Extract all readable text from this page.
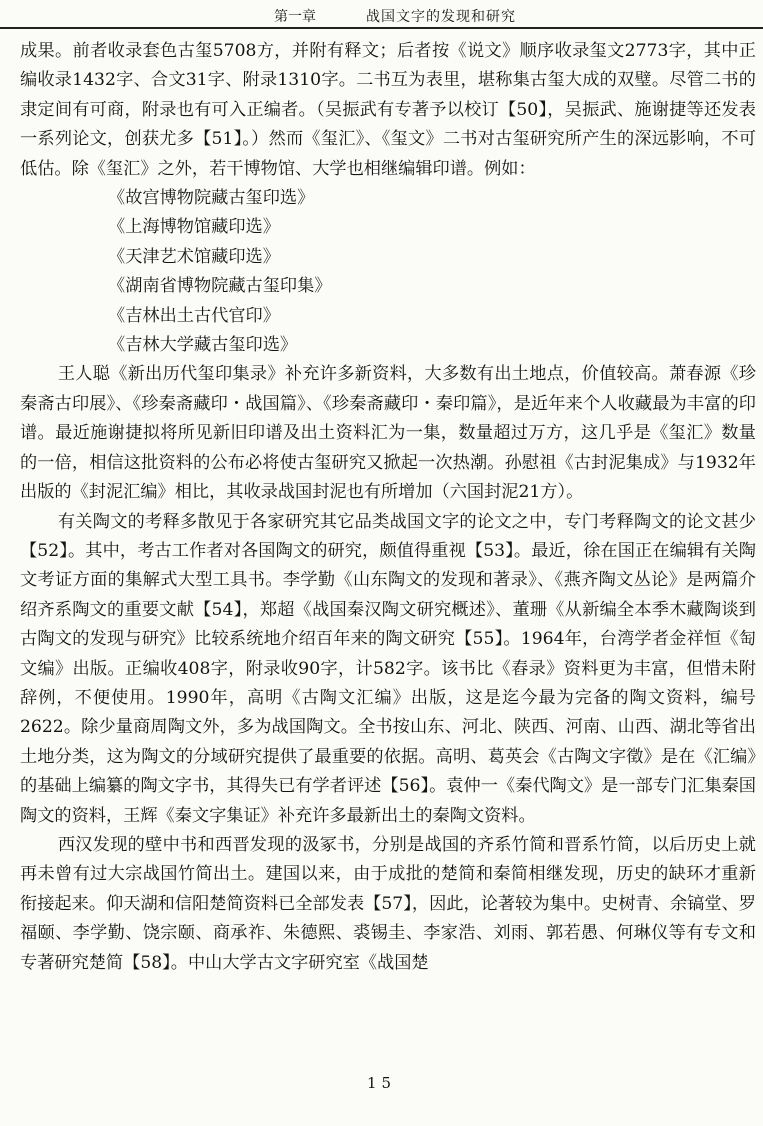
第一章	战国文字的发现和研究

成果。前者收录套色古玺5708方，并附有释文；后者按《说文》顺序收录玺文2773字，其中正编收录1432字、合文31字、附录1310字。二书互为表里，堪称集古玺大成的双璧。尽管二书的隶定间有可商，附录也有可入正编者。（吴振武有专著予以校订【50】，吴振武、施谢捷等还发表一系列论文，创获尤多【51】。）然而《玺汇》、《玺文》二书对古玺研究所产生的深远影响，不可低估。除《玺汇》之外，若干博物馆、大学也相继编辑印谱。例如：

《故宫博物院藏古玺印选》
《上海博物馆藏印选》
《天津艺术馆藏印选》
《湖南省博物院藏古玺印集》
《吉林出土古代官印》
《吉林大学藏古玺印选》

王人聪《新出历代玺印集录》补充许多新资料，大多数有出土地点，价值较高。萧春源《珍秦斋古印展》、《珍秦斋藏印・战国篇》、《珍秦斋藏印・秦印篇》，是近年来个人收藏最为丰富的印谱。最近施谢捷拟将所见新旧印谱及出土资料汇为一集，数量超过万方，这几乎是《玺汇》数量的一倍，相信这批资料的公布必将使古玺研究又掀起一次热潮。孙慰祖《古封泥集成》与1932年出版的《封泥汇编》相比，其收录战国封泥也有所增加（六国封泥21方）。

有关陶文的考释多散见于各家研究其它品类战国文字的论文之中，专门考释陶文的论文甚少【52】。其中，考古工作者对各国陶文的研究，颇值得重视【53】。最近，徐在国正在编辑有关陶文考证方面的集解式大型工具书。李学勤《山东陶文的发现和著录》、《燕齐陶文丛论》是两篇介绍齐系陶文的重要文献【54】，郑超《战国秦汉陶文研究概述》、董珊《从新编全本季木藏陶谈到古陶文的发现与研究》比较系统地介绍百年来的陶文研究【55】。1964年，台湾学者金祥恒《匋文编》出版。正编收408字，附录收90字，计582字。该书比《舂录》资料更为丰富，但惜未附辞例，不便使用。1990年，高明《古陶文汇编》出版，这是迄今最为完备的陶文资料，编号2622。除少量商周陶文外，多为战国陶文。全书按山东、河北、陕西、河南、山西、湖北等省出土地分类，这为陶文的分域研究提供了最重要的依据。高明、葛英会《古陶文字徵》是在《汇编》的基础上编纂的陶文字书，其得失已有学者评述【56】。袁仲一《秦代陶文》是一部专门汇集秦国陶文的资料，王辉《秦文字集证》补充许多最新出土的秦陶文资料。

西汉发现的壁中书和西晋发现的汲冢书，分别是战国的齐系竹简和晋系竹简，以后历史上就再未曾有过大宗战国竹简出土。建国以来，由于成批的楚简和秦简相继发现，历史的缺环才重新衔接起来。仰天湖和信阳楚简资料已全部发表【57】，因此，论著较为集中。史树青、余镐堂、罗福颐、李学勤、饶宗颐、商承祚、朱德熙、裘锡圭、李家浩、刘雨、郭若愚、何琳仪等有专文和专著研究楚简【58】。中山大学古文字研究室《战国楚

15
